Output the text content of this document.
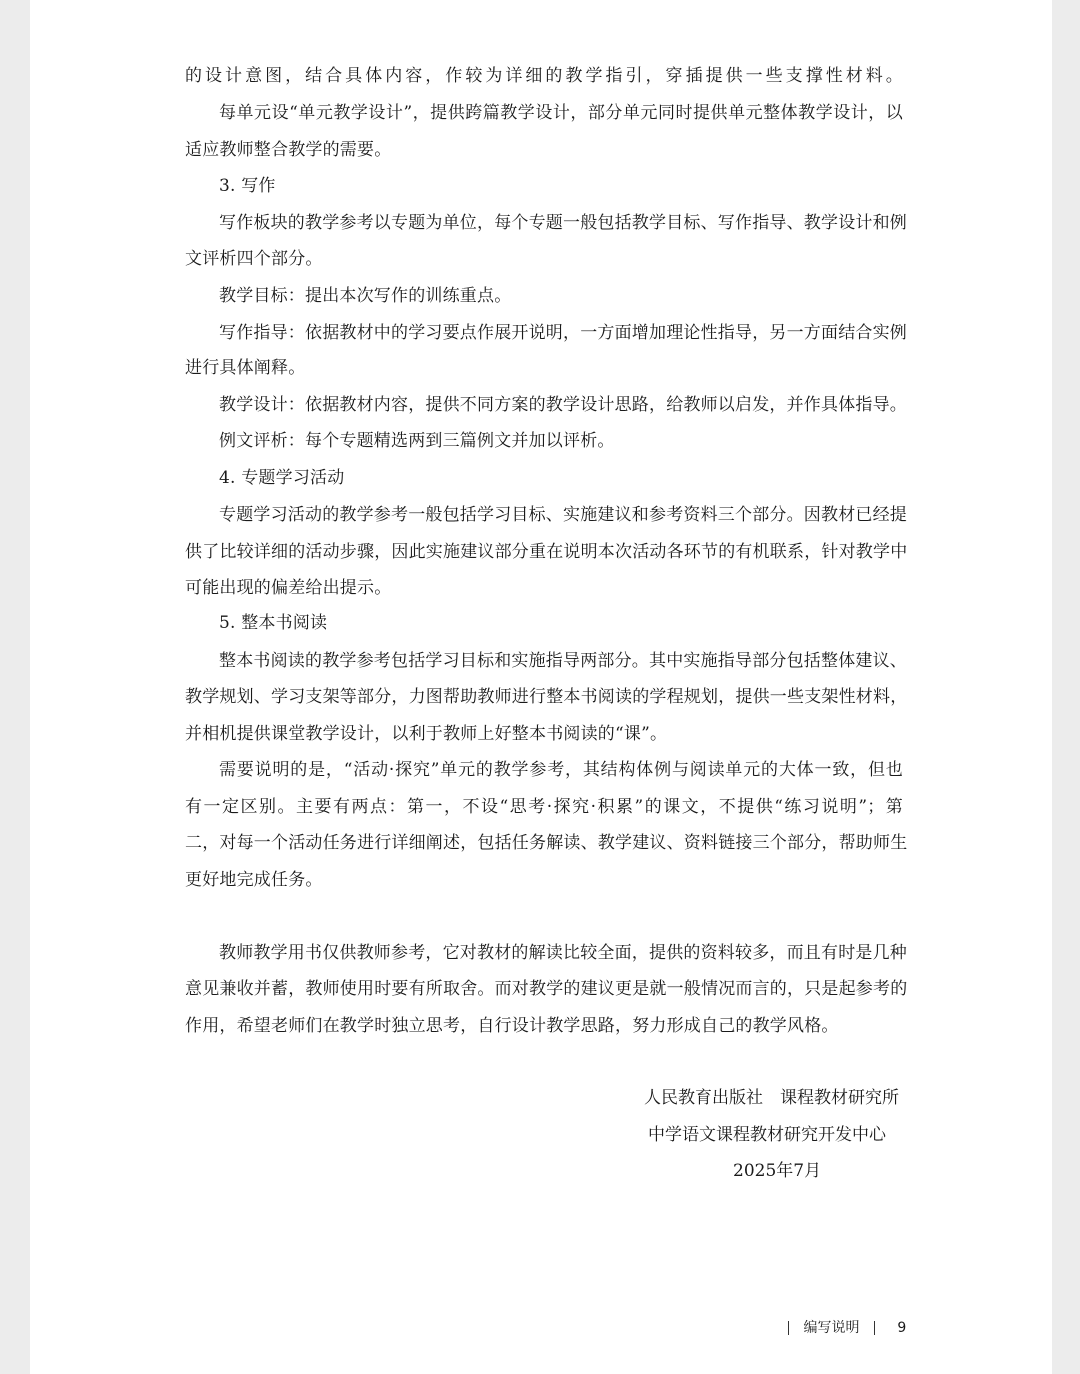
的设计意图，结合具体内容，作较为详细的教学指引，穿插提供一些支撑性材料。
每单元设“单元教学设计”，提供跨篇教学设计，部分单元同时提供单元整体教学设计，以
适应教师整合教学的需要。
3. 写作
写作板块的教学参考以专题为单位，每个专题一般包括教学目标、写作指导、教学设计和例
文评析四个部分。
教学目标：提出本次写作的训练重点。
写作指导：依据教材中的学习要点作展开说明，一方面增加理论性指导，另一方面结合实例
进行具体阐释。
教学设计：依据教材内容，提供不同方案的教学设计思路，给教师以启发，并作具体指导。
例文评析：每个专题精选两到三篇例文并加以评析。
4. 专题学习活动
专题学习活动的教学参考一般包括学习目标、实施建议和参考资料三个部分。因教材已经提
供了比较详细的活动步骤，因此实施建议部分重在说明本次活动各环节的有机联系，针对教学中
可能出现的偏差给出提示。
5. 整本书阅读
整本书阅读的教学参考包括学习目标和实施指导两部分。其中实施指导部分包括整体建议、
教学规划、学习支架等部分，力图帮助教师进行整本书阅读的学程规划，提供一些支架性材料，
并相机提供课堂教学设计，以利于教师上好整本书阅读的“课”。
需要说明的是，“活动·探究”单元的教学参考，其结构体例与阅读单元的大体一致，但也
有一定区别。主要有两点：第一，不设“思考·探究·积累”的课文，不提供“练习说明”；第
二，对每一个活动任务进行详细阐述，包括任务解读、教学建议、资料链接三个部分，帮助师生
更好地完成任务。
教师教学用书仅供教师参考，它对教材的解读比较全面，提供的资料较多，而且有时是几种
意见兼收并蓄，教师使用时要有所取舍。而对教学的建议更是就一般情况而言的，只是起参考的
作用，希望老师们在教学时独立思考，自行设计教学思路，努力形成自己的教学风格。
人民教育出版社　课程教材研究所
中学语文课程教材研究开发中心
2025年7月
编写说明	9
